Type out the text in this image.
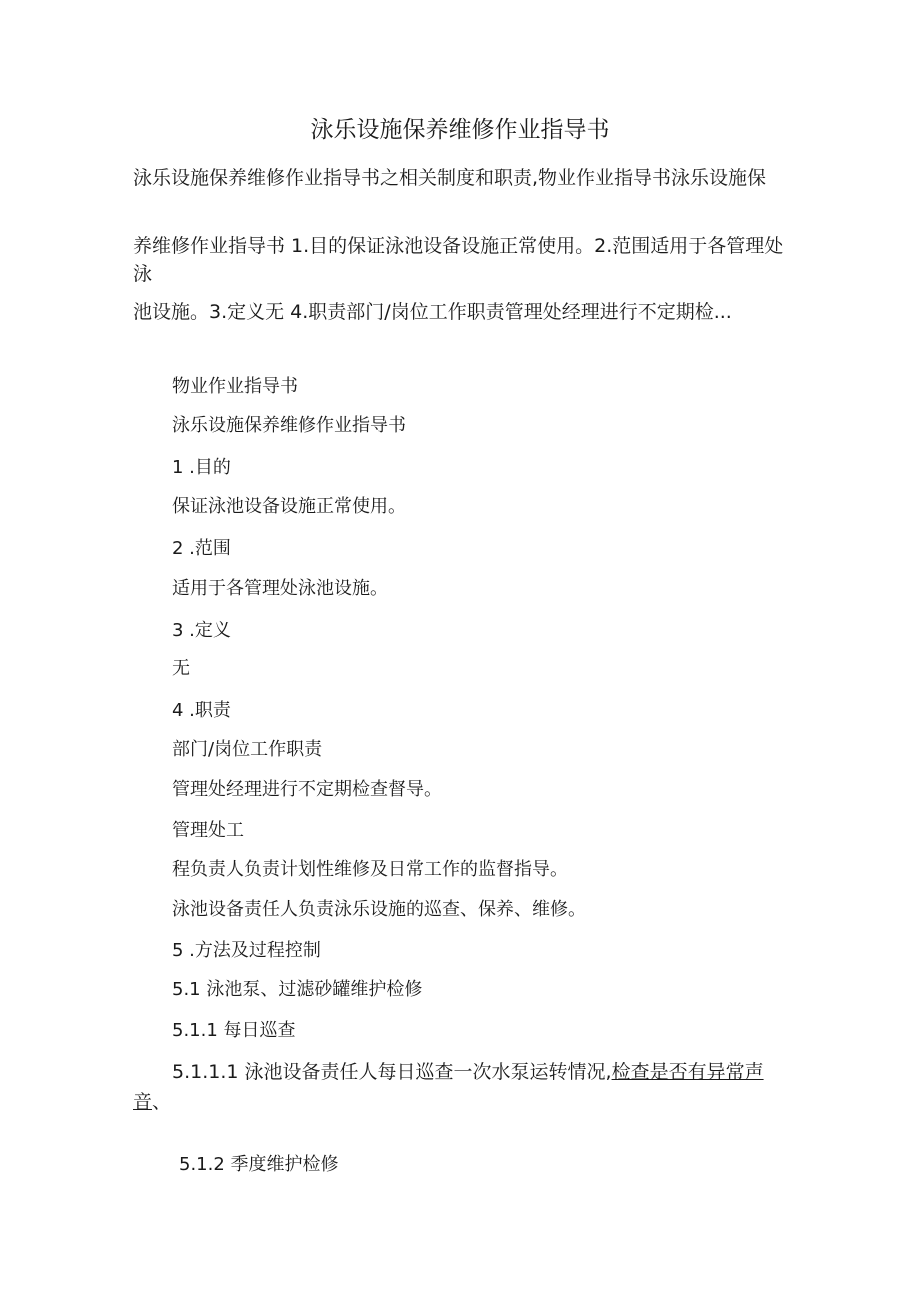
泳乐设施保养维修作业指导书

泳乐设施保养维修作业指导书之相关制度和职责,物业作业指导书泳乐设施保

养维修作业指导书 1.目的保证泳池设备设施正常使用。2.范围适用于各管理处泳

池设施。3.定义无 4.职责部门/岗位工作职责管理处经理进行不定期检...

物业作业指导书

泳乐设施保养维修作业指导书

1 .目的

保证泳池设备设施正常使用。

2 .范围

适用于各管理处泳池设施。

3 .定义

无

4 .职责

部门/岗位工作职责

管理处经理进行不定期检查督导。

管理处工

程负责人负责计划性维修及日常工作的监督指导。

泳池设备责任人负责泳乐设施的巡查、保养、维修。

5 .方法及过程控制

5.1 泳池泵、过滤砂罐维护检修

5.1.1 每日巡查

5.1.1.1 泳池设备责任人每日巡查一次水泵运转情况,检查是否有异常声音、

5.1.2 季度维护检修
